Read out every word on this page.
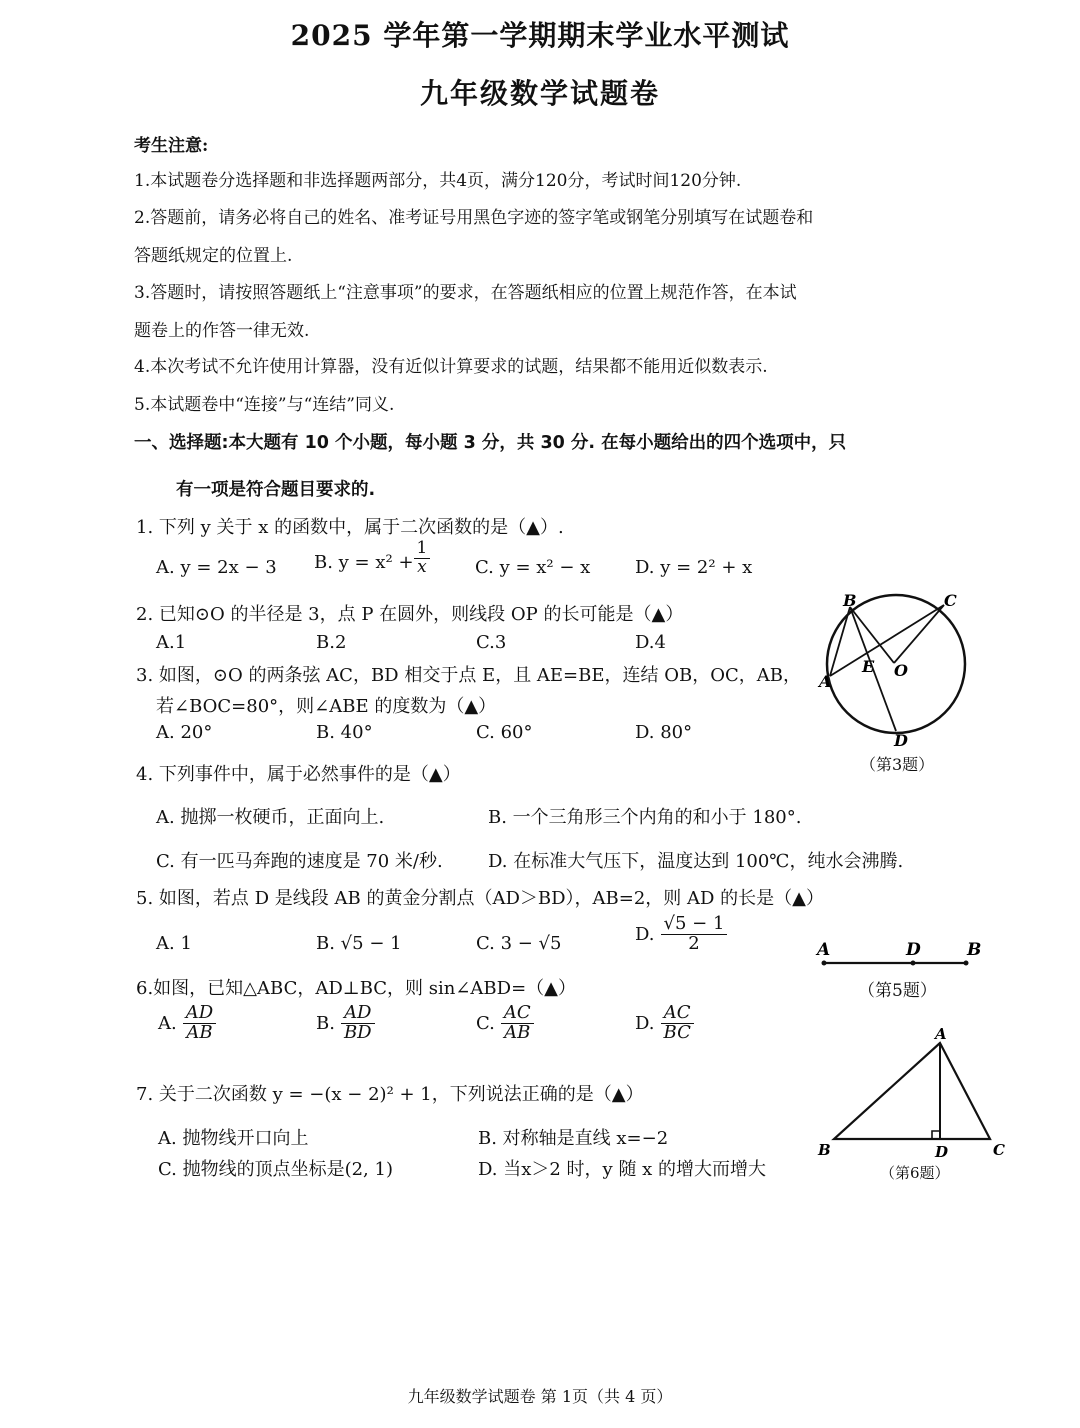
2025 学年第一学期期末学业水平测试
九年级数学试题卷
考生注意:
1.本试题卷分选择题和非选择题两部分，共4页，满分120分，考试时间120分钟.
2.答题前，请务必将自己的姓名、准考证号用黑色字迹的签字笔或钢笔分别填写在试题卷和
答题纸规定的位置上.
3.答题时，请按照答题纸上“注意事项”的要求，在答题纸相应的位置上规范作答，在本试
题卷上的作答一律无效.
4.本次考试不允许使用计算器，没有近似计算要求的试题，结果都不能用近似数表示.
5.本试题卷中“连接”与“连结”同义.
一、选择题:本大题有 10 个小题，每小题 3 分，共 30 分. 在每小题给出的四个选项中，只
有一项是符合题目要求的.
1. 下列 y 关于 x 的函数中，属于二次函数的是（▲）.
A. y = 2x − 3 B. $y = x^2 + \frac{1}{x} C$. y = x² − x D. y = 2² + x
2. 已知⊙O 的半径是 3，点 P 在圆外，则线段 OP 的长可能是（▲）
A.1	B.2	C.3	D.4
3. 如图，⊙O 的两条弦 AC，BD 相交于点 E，且 AE=BE，连结 OB，OC，AB，
若∠BOC=80°，则∠ABE 的度数为（▲）
A. 20°	B. 40°	C. 60°	D. 80°
B	C
A
E O
D
（第3题）
4. 下列事件中，属于必然事件的是（▲）
A. 抛掷一枚硬币，正面向上.	B. 一个三角形三个内角的和小于 180°.
C. 有一匹马奔跑的速度是 70 米/秒.	D. 在标准大气压下，温度达到 100℃，纯水会沸腾.
5. 如图，若点 D 是线段 AB 的黄金分割点（AD＞BD），AB=2，则 AD 的长是（▲）
A. 1	B. √5 − 1	C. 3 − √5	D. $\frac{√5 - 1}{2}$	A	D	B
（第5题）
6.如图，已知△ABC，AD⊥BC，则 sin∠ABD=（▲）
A. $\frac{AD}{AB}$	B. $\frac{AD}{BD}$	C. $\frac{AC}{AB}$	D. $\frac{AC}{BC}$	A
B	D	C
（第6题）
7. 关于二次函数 y = −(x − 2)² + 1，下列说法正确的是（▲）
A. 抛物线开口向上	B. 对称轴是直线 x=−2
C. 抛物线的顶点坐标是(2, 1)	D. 当x＞2 时，y 随 x 的增大而增大
九年级数学试题卷 第 1页（共 4 页）
